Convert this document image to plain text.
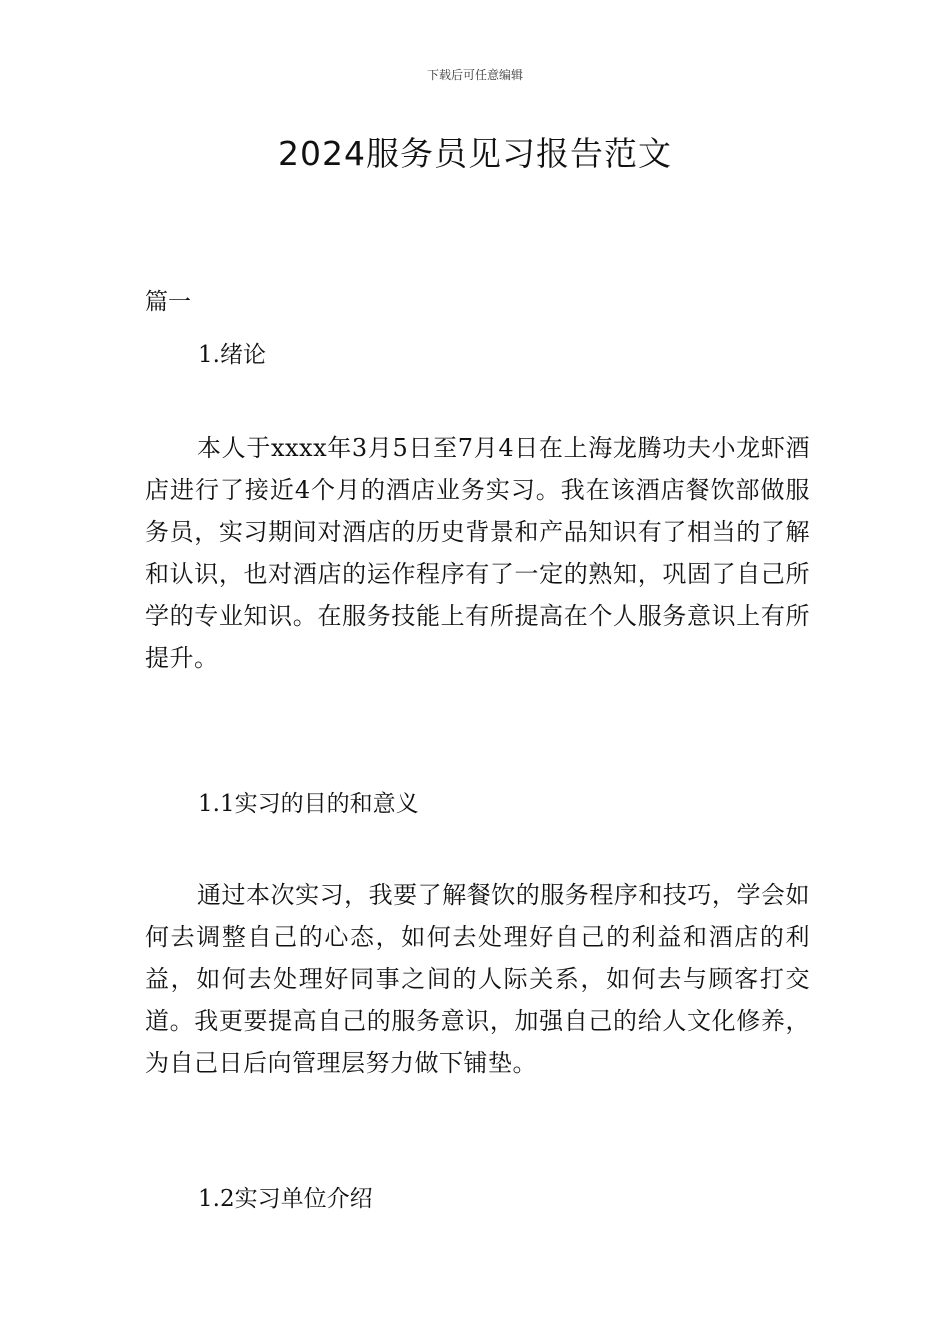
下载后可任意编辑
2024服务员见习报告范文
篇一
1.绪论

本人于xxxx年3月5日至7月4日在上海龙腾功夫小龙虾酒店进行了接近4个月的酒店业务实习。我在该酒店餐饮部做服务员，实习期间对酒店的历史背景和产品知识有了相当的了解和认识，也对酒店的运作程序有了一定的熟知，巩固了自己所学的专业知识。在服务技能上有所提高在个人服务意识上有所提升。

1.1实习的目的和意义

通过本次实习，我要了解餐饮的服务程序和技巧，学会如何去调整自己的心态，如何去处理好自己的利益和酒店的利益，如何去处理好同事之间的人际关系，如何去与顾客打交道。我更要提高自己的服务意识，加强自己的给人文化修养，为自己日后向管理层努力做下铺垫。

1.2实习单位介绍
